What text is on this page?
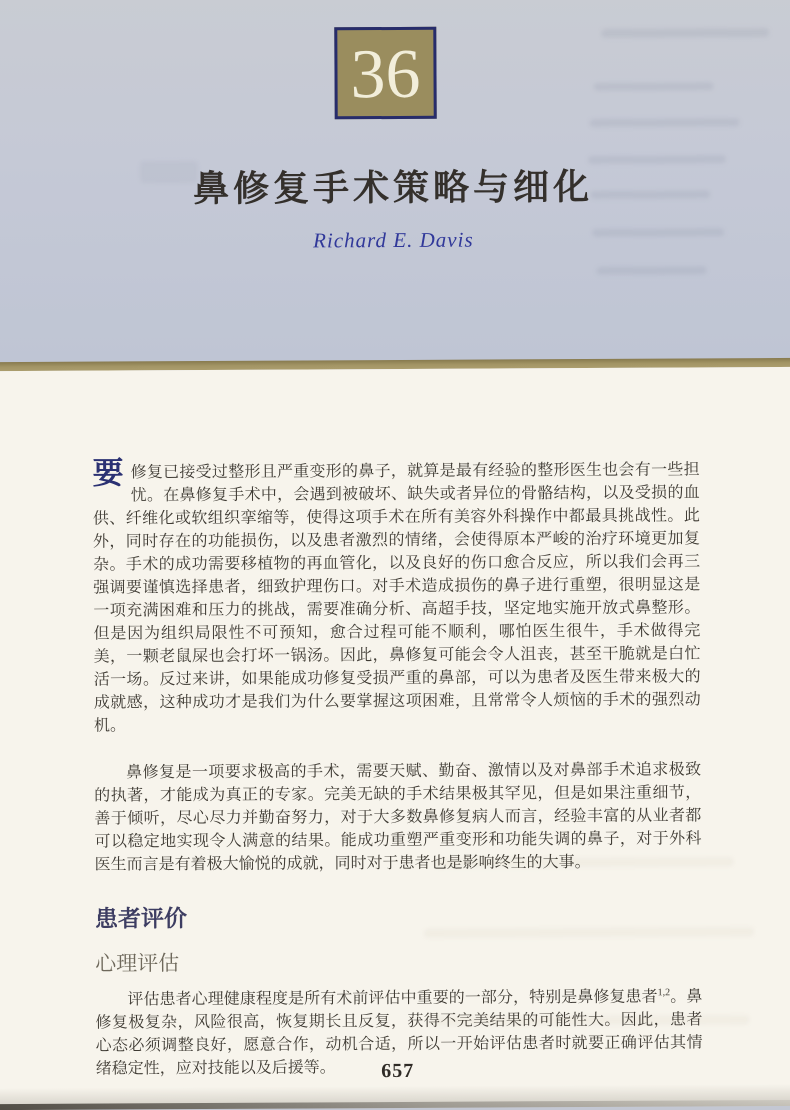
36
鼻修复手术策略与细化
Richard E. Davis

要修复已接受过整形且严重变形的鼻子，就算是最有经验的整形医生也会有一些担忧。在鼻修复手术中，会遇到被破坏、缺失或者异位的骨骼结构，以及受损的血供、纤维化或软组织挛缩等，使得这项手术在所有美容外科操作中都最具挑战性。此外，同时存在的功能损伤，以及患者激烈的情绪，会使得原本严峻的治疗环境更加复杂。手术的成功需要移植物的再血管化，以及良好的伤口愈合反应，所以我们会再三强调要谨慎选择患者，细致护理伤口。对手术造成损伤的鼻子进行重塑，很明显这是一项充满困难和压力的挑战，需要准确分析、高超手技，坚定地实施开放式鼻整形。但是因为组织局限性不可预知，愈合过程可能不顺利，哪怕医生很牛，手术做得完美，一颗老鼠屎也会打坏一锅汤。因此，鼻修复可能会令人沮丧，甚至干脆就是白忙活一场。反过来讲，如果能成功修复受损严重的鼻部，可以为患者及医生带来极大的成就感，这种成功才是我们为什么要掌握这项困难，且常常令人烦恼的手术的强烈动机。

鼻修复是一项要求极高的手术，需要天赋、勤奋、激情以及对鼻部手术追求极致的执著，才能成为真正的专家。完美无缺的手术结果极其罕见，但是如果注重细节，善于倾听，尽心尽力并勤奋努力，对于大多数鼻修复病人而言，经验丰富的从业者都可以稳定地实现令人满意的结果。能成功重塑严重变形和功能失调的鼻子，对于外科医生而言是有着极大愉悦的成就，同时对于患者也是影响终生的大事。

患者评价
心理评估

评估患者心理健康程度是所有术前评估中重要的一部分，特别是鼻修复患者$^{1,2}$。鼻修复极复杂，风险很高，恢复期长且反复，获得不完美结果的可能性大。因此，患者心态必须调整良好，愿意合作，动机合适，所以一开始评估患者时就要正确评估其情绪稳定性，应对技能以及后援等。	657
